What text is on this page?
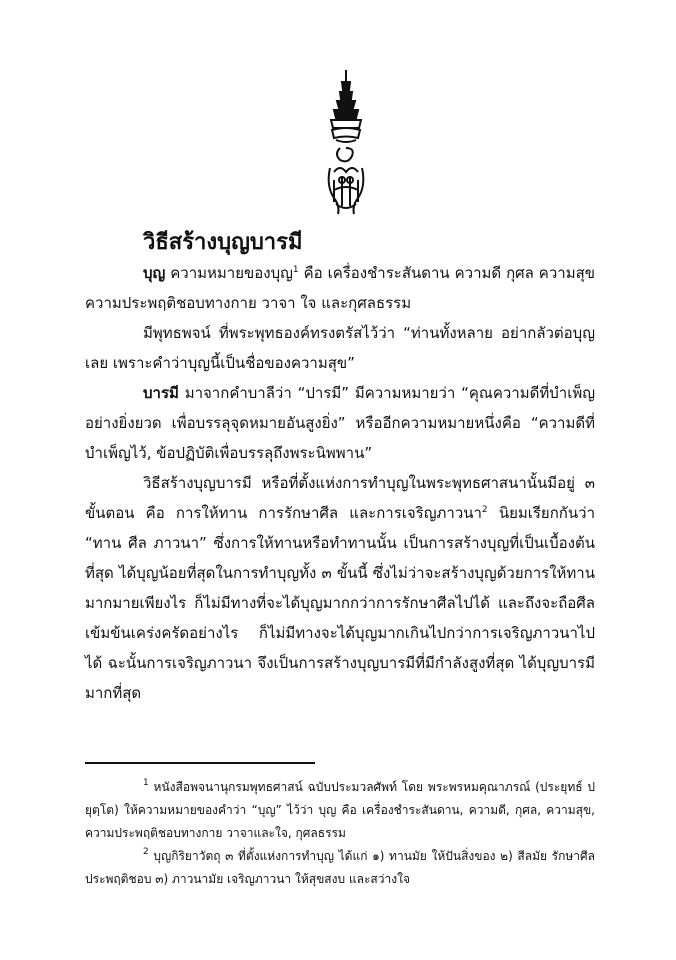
วิธีสร้างบุญบารมี

บุญ ความหมายของบุญ$^1$ คือ เครื่องชำระสันดาน ความดี กุศล ความสุข ความประพฤติชอบทางกาย วาจา ใจ และกุศลธรรม

มีพุทธพจน์ ที่พระพุทธองค์ทรงตรัสไว้ว่า “ท่านทั้งหลาย อย่ากลัวต่อบุญเลย เพราะคำว่าบุญนี้เป็นชื่อของความสุข”

บารมี มาจากคำบาลีว่า “ปารมี” มีความหมายว่า “คุณความดีที่บำเพ็ญอย่างยิ่งยวด เพื่อบรรลุจุดหมายอันสูงยิ่ง” หรืออีกความหมายหนึ่งคือ “ความดีที่บำเพ็ญไว้, ข้อปฏิบัติเพื่อบรรลุถึงพระนิพพาน”

วิธีสร้างบุญบารมี หรือที่ตั้งแห่งการทำบุญในพระพุทธศาสนานั้นมีอยู่ ๓ ขั้นตอน คือ การให้ทาน การรักษาศีล และการเจริญภาวนา$^2$ นิยมเรียกกันว่า “ทาน ศีล ภาวนา” ซึ่งการให้ทานหรือทำทานนั้น เป็นการสร้างบุญที่เป็นเบื้องต้นที่สุด ได้บุญน้อยที่สุดในการทำบุญทั้ง ๓ ขั้นนี้ ซึ่งไม่ว่าจะสร้างบุญด้วยการให้ทานมากมายเพียงไร ก็ไม่มีทางที่จะได้บุญมากกว่าการรักษาศีลไปได้ และถึงจะถือศีลเข้มข้นเคร่งครัดอย่างไร ก็ไม่มีทางจะได้บุญมากเกินไปกว่าการเจริญภาวนาไปได้ ฉะนั้นการเจริญภาวนา จึงเป็นการสร้างบุญบารมีที่มีกำลังสูงที่สุด ได้บุญบารมีมากที่สุด

$^1$ หนังสือพจนานุกรมพุทธศาสน์ ฉบับประมวลศัพท์ โดย พระพรหมคุณาภรณ์ (ประยุทธ์ ปยุตฺโต) ให้ความหมายของคำว่า “บุญ” ไว้ว่า บุญ คือ เครื่องชำระสันดาน, ความดี, กุศล, ความสุข, ความประพฤติชอบทางกาย วาจาและใจ, กุศลธรรม

$^2$ บุญกิริยาวัตถุ ๓ ที่ตั้งแห่งการทำบุญ ได้แก่ ๑) ทานมัย ให้ปันสิ่งของ ๒) สีลมัย รักษาศีล ประพฤติชอบ ๓) ภาวนามัย เจริญภาวนา ให้สุขสงบ และสว่างใจ
